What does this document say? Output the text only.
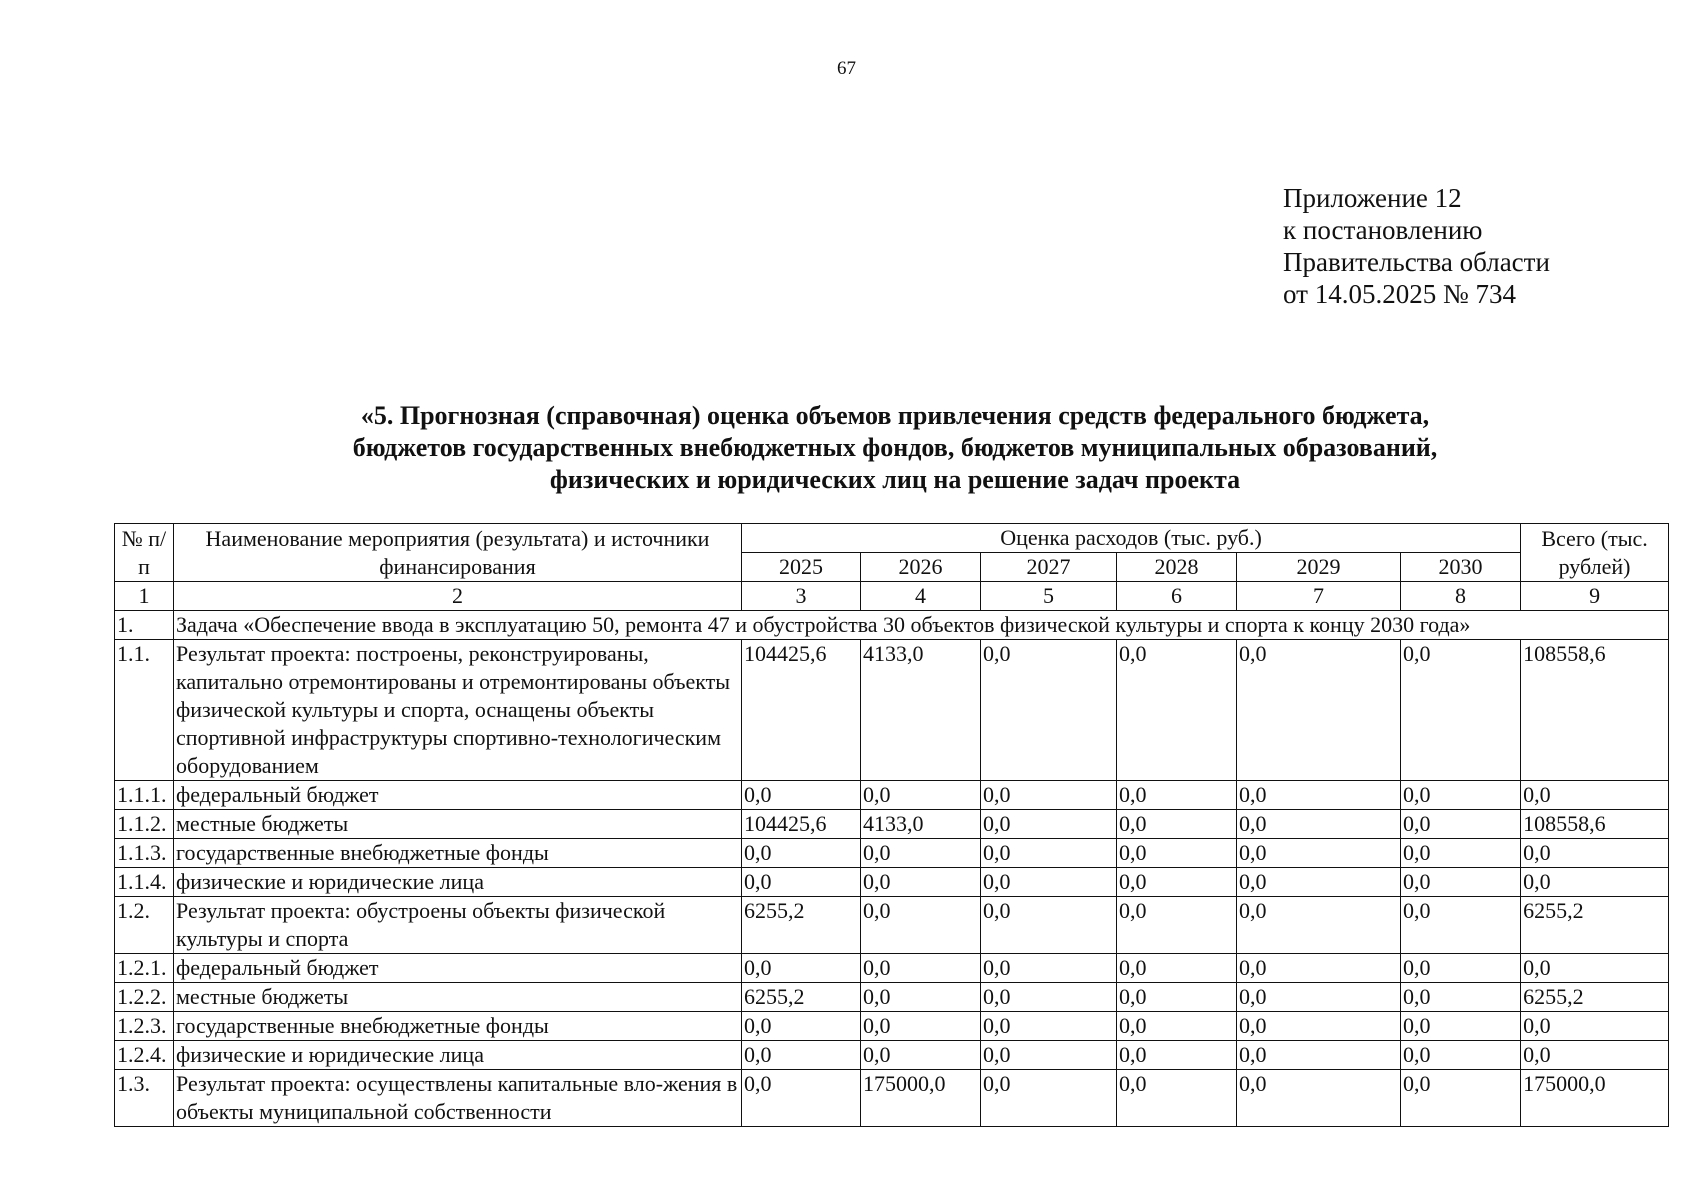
67
Приложение 12
к постановлению
Правительства области
от 14.05.2025 № 734
«5. Прогнозная (справочная) оценка объемов привлечения средств федерального бюджета,
бюджетов государственных внебюджетных фондов, бюджетов муниципальных образований,
физических и юридических лиц на решение задач проекта
№ п/п	Наименование мероприятия (результата) и источники финансирования	Оценка расходов (тыс. руб.)						Всего (тыс. рублей)
		2025	2026	2027	2028	2029	2030	
1	2	3	4	5	6	7	8	9
1.	Задача «Обеспечение ввода в эксплуатацию 50, ремонта 47 и обустройства 30 объектов физической культуры и спорта к концу 2030 года»							
1.1.	Результат проекта: построены, реконструированы, капитально отремонтированы и отремонтированы объекты физической культуры и спорта, оснащены объекты спортивной инфраструктуры спортивно-технологическим оборудованием	104425,6	4133,0	0,0	0,0	0,0	0,0	108558,6
1.1.1.	федеральный бюджет	0,0	0,0	0,0	0,0	0,0	0,0	0,0
1.1.2.	местные бюджеты	104425,6	4133,0	0,0	0,0	0,0	0,0	108558,6
1.1.3.	государственные внебюджетные фонды	0,0	0,0	0,0	0,0	0,0	0,0	0,0
1.1.4.	физические и юридические лица	0,0	0,0	0,0	0,0	0,0	0,0	0,0
1.2.	Результат проекта: обустроены объекты физической культуры и спорта	6255,2	0,0	0,0	0,0	0,0	0,0	6255,2
1.2.1.	федеральный бюджет	0,0	0,0	0,0	0,0	0,0	0,0	0,0
1.2.2.	местные бюджеты	6255,2	0,0	0,0	0,0	0,0	0,0	6255,2
1.2.3.	государственные внебюджетные фонды	0,0	0,0	0,0	0,0	0,0	0,0	0,0
1.2.4.	физические и юридические лица	0,0	0,0	0,0	0,0	0,0	0,0	0,0
1.3.	Результат проекта: осуществлены капитальные вло-жения в объекты муниципальной собственности	0,0	175000,0	0,0	0,0	0,0	0,0	175000,0
